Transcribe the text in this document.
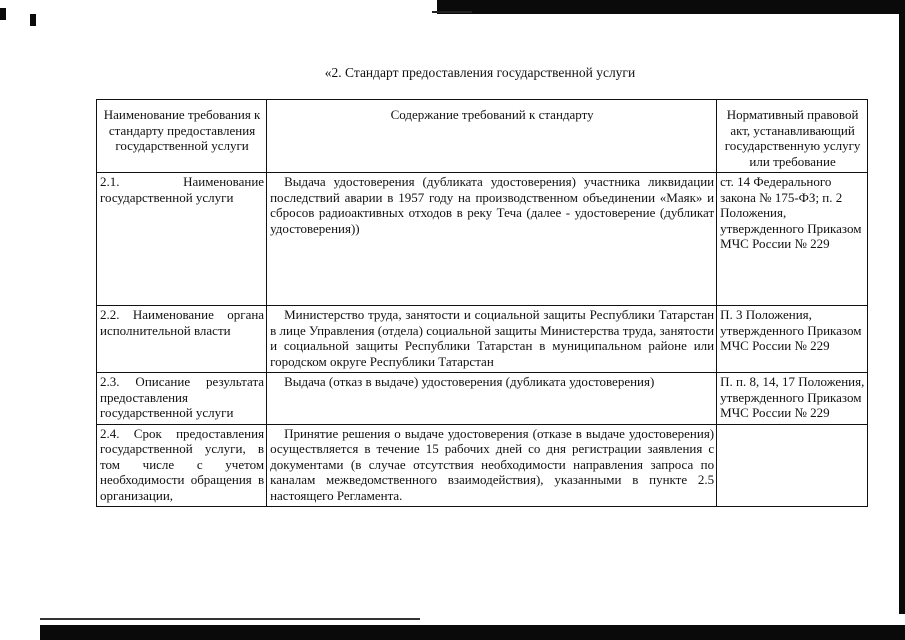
«2. Стандарт предоставления государственной услуги
Наименование требования к стандарту предоставления государственной услуги	Содержание требований к стандарту	Нормативный правовой акт, устанавливающий государственную услугу или требование
2.1. Наименование государственной услуги	Выдача удостоверения (дубликата удостоверения) участника ликвидации последствий аварии в 1957 году на производственном объединении «Маяк» и сбросов радиоактивных отходов в реку Теча (далее - удостоверение (дубликат удостоверения))	ст. 14 Федерального закона № 175-ФЗ; п. 2 Положения, утвержденного Приказом МЧС России № 229
2.2. Наименование органа исполнительной власти	Министерство труда, занятости и социальной защиты Республики Татарстан в лице Управления (отдела) социальной защиты Министерства труда, занятости и социальной защиты Республики Татарстан в муниципальном районе или городском округе Республики Татарстан	П. 3 Положения, утвержденного Приказом МЧС России № 229
2.3. Описание результата предоставления государственной услуги	Выдача (отказ в выдаче) удостоверения (дубликата удостоверения)	П. п. 8, 14, 17 Положения, утвержденного Приказом МЧС России № 229
2.4. Срок предоставления государственной услуги, в том числе с учетом необходимости обращения в организации,	Принятие решения о выдаче удостоверения (отказе в выдаче удостоверения) осуществляется в течение 15 рабочих дней со дня регистрации заявления с документами (в случае отсутствия необходимости направления запроса по каналам межведомственного взаимодействия), указанными в пункте 2.5 настоящего Регламента.	
